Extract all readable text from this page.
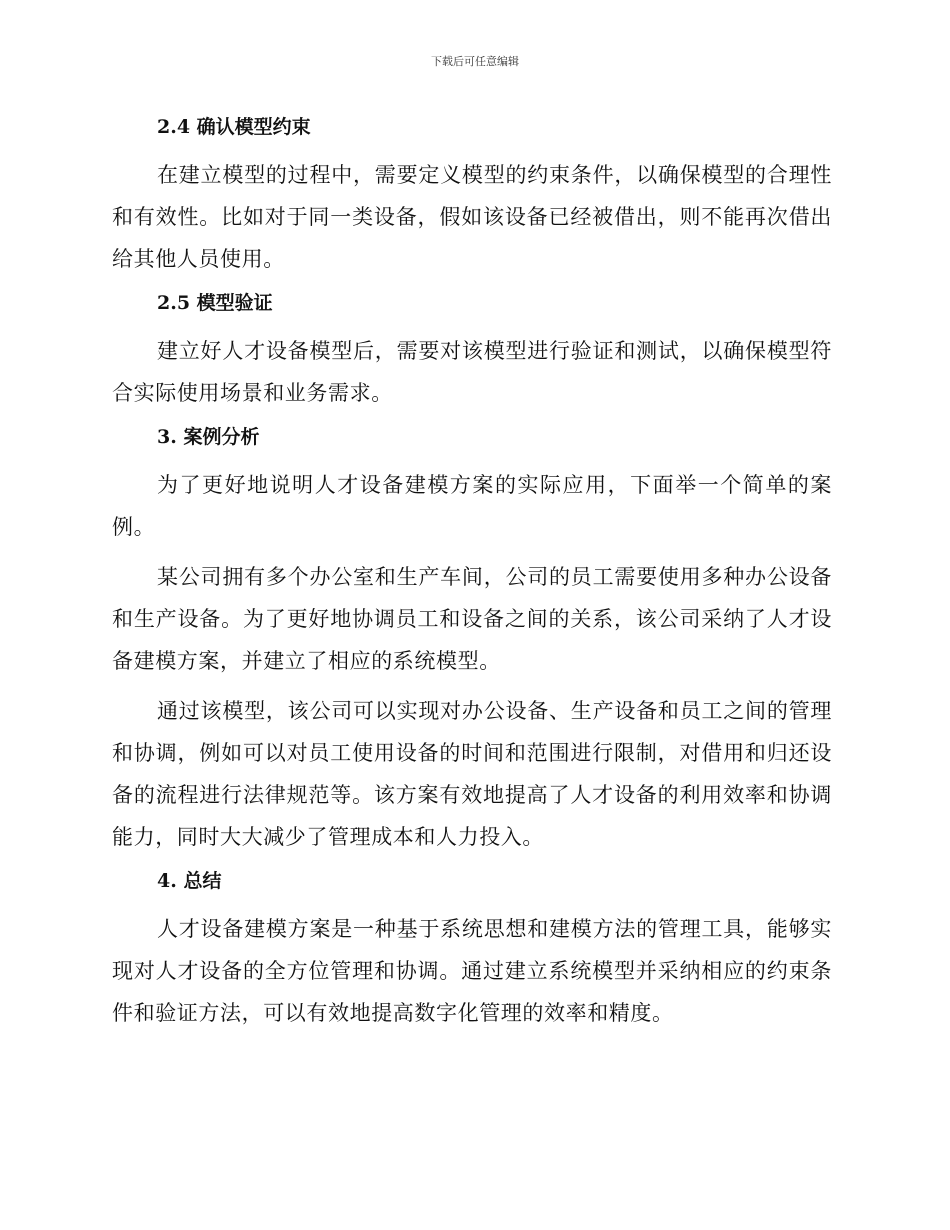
下载后可任意编辑

2.4 确认模型约束

在建立模型的过程中，需要定义模型的约束条件，以确保模型的合理性和有效性。比如对于同一类设备，假如该设备已经被借出，则不能再次借出给其他人员使用。

2.5 模型验证

建立好人才设备模型后，需要对该模型进行验证和测试，以确保模型符合实际使用场景和业务需求。

3. 案例分析

为了更好地说明人才设备建模方案的实际应用，下面举一个简单的案例。

某公司拥有多个办公室和生产车间，公司的员工需要使用多种办公设备和生产设备。为了更好地协调员工和设备之间的关系，该公司采纳了人才设备建模方案，并建立了相应的系统模型。

通过该模型，该公司可以实现对办公设备、生产设备和员工之间的管理和协调，例如可以对员工使用设备的时间和范围进行限制，对借用和归还设备的流程进行法律规范等。该方案有效地提高了人才设备的利用效率和协调能力，同时大大减少了管理成本和人力投入。

4. 总结

人才设备建模方案是一种基于系统思想和建模方法的管理工具，能够实现对人才设备的全方位管理和协调。通过建立系统模型并采纳相应的约束条件和验证方法，可以有效地提高数字化管理的效率和精度。
